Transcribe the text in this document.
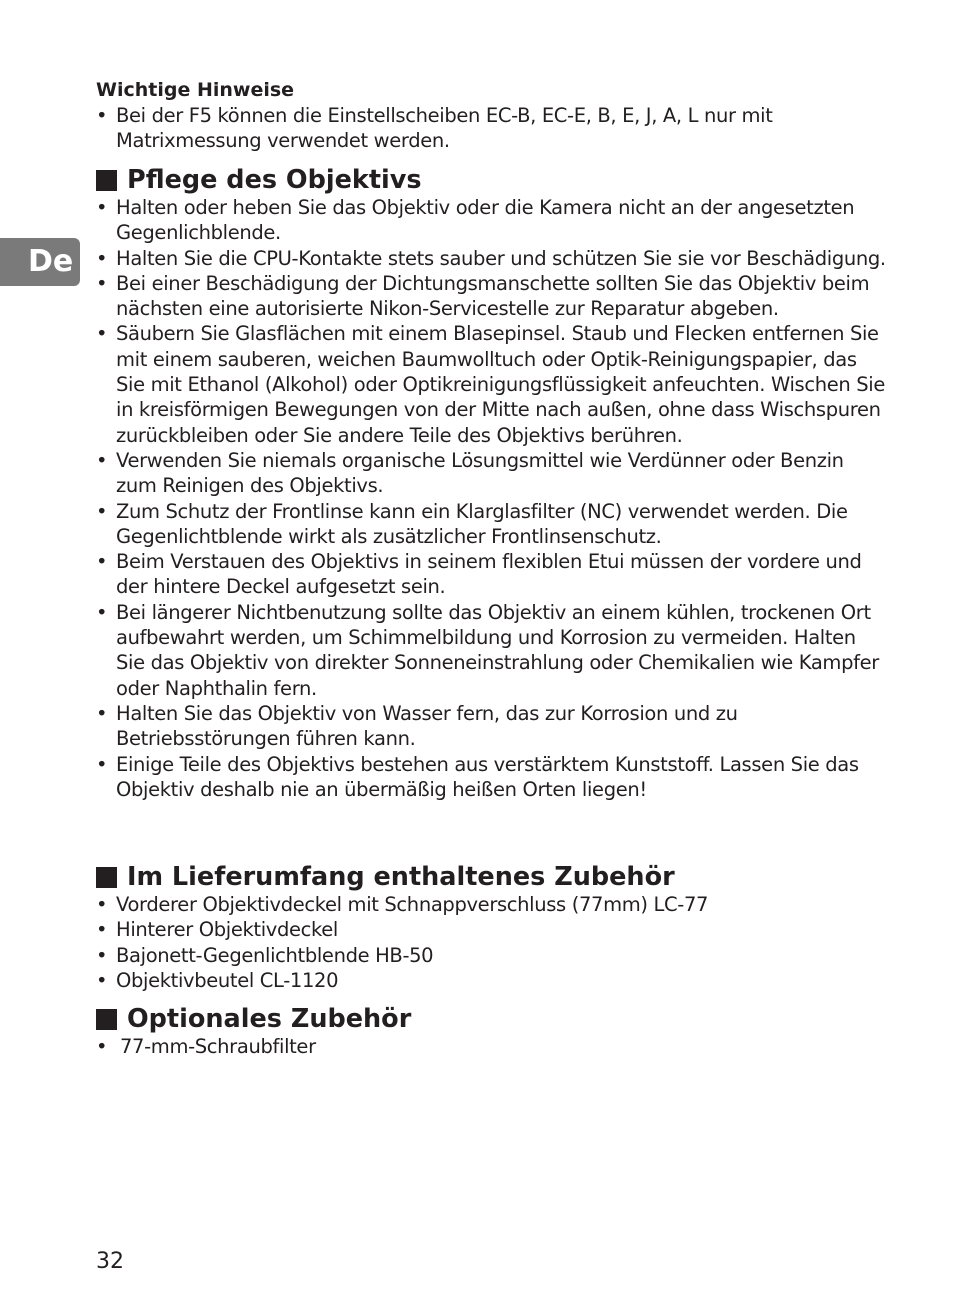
De

Wichtige Hinweise

• Bei der F5 können die Einstellscheiben EC-B, EC-E, B, E, J, A, L nur mit Matrixmessung verwendet werden.
Pflege des Objektivs
• Halten oder heben Sie das Objektiv oder die Kamera nicht an der angesetzten Gegenlichblende.
• Halten Sie die CPU-Kontakte stets sauber und schützen Sie sie vor Beschädigung.
• Bei einer Beschädigung der Dichtungsmanschette sollten Sie das Objektiv beim nächsten eine autorisierte Nikon-Servicestelle zur Reparatur abgeben.
• Säubern Sie Glasflächen mit einem Blasepinsel. Staub und Flecken entfernen Sie mit einem sauberen, weichen Baumwolltuch oder Optik-Reinigungspapier, das Sie mit Ethanol (Alkohol) oder Optikreinigungsflüssigkeit anfeuchten. Wischen Sie in kreisförmigen Bewegungen von der Mitte nach außen, ohne dass Wischspuren zurückbleiben oder Sie andere Teile des Objektivs berühren.
• Verwenden Sie niemals organische Lösungsmittel wie Verdünner oder Benzin zum Reinigen des Objektivs.
• Zum Schutz der Frontlinse kann ein Klarglasfilter (NC) verwendet werden. Die Gegenlichtblende wirkt als zusätzlicher Frontlinsenschutz.
• Beim Verstauen des Objektivs in seinem flexiblen Etui müssen der vordere und der hintere Deckel aufgesetzt sein.
• Bei längerer Nichtbenutzung sollte das Objektiv an einem kühlen, trockenen Ort aufbewahrt werden, um Schimmelbildung und Korrosion zu vermeiden. Halten Sie das Objektiv von direkter Sonneneinstrahlung oder Chemikalien wie Kampfer oder Naphthalin fern.
• Halten Sie das Objektiv von Wasser fern, das zur Korrosion und zu Betriebsstörungen führen kann.
• Einige Teile des Objektivs bestehen aus verstärktem Kunststoff. Lassen Sie das Objektiv deshalb nie an übermäßig heißen Orten liegen!
Im Lieferumfang enthaltenes Zubehör
• Vorderer Objektivdeckel mit Schnappverschluss (77mm) LC-77
• Hinterer Objektivdeckel
• Bajonett-Gegenlichtblende HB-50
• Objektivbeutel CL-1120
Optionales Zubehör
• 77-mm-Schraubfilter
32
